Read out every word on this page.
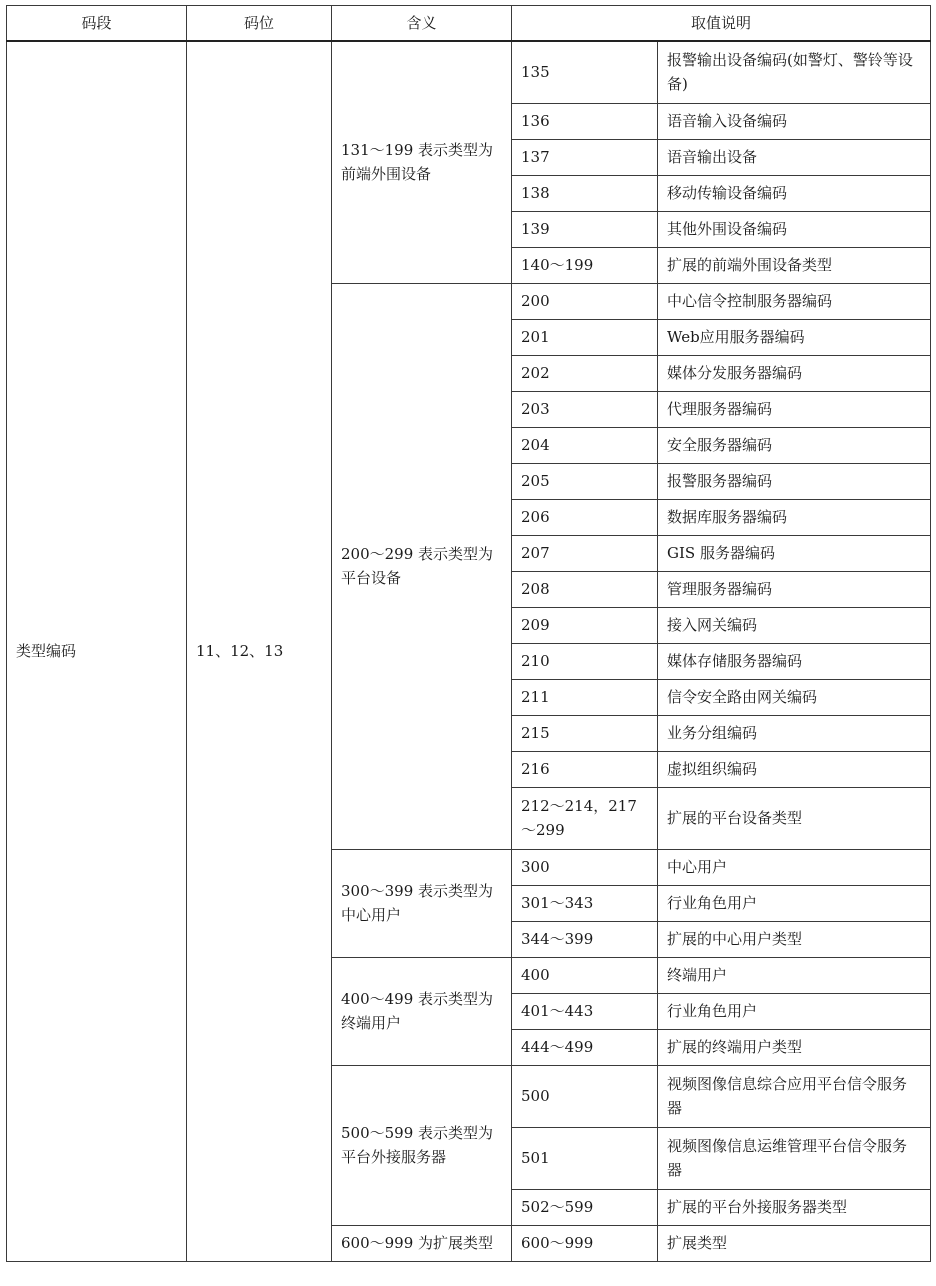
码段	码位	含义	取值说明	
类型编码	11、12、13	131～199 表示类型为前端外围设备	135	报警输出设备编码(如警灯、警铃等设备)
			136	语音输入设备编码
			137	语音输出设备
			138	移动传输设备编码
			139	其他外围设备编码
			140～199	扩展的前端外围设备类型
		200～299 表示类型为平台设备	200	中心信令控制服务器编码
			201	Web应用服务器编码
			202	媒体分发服务器编码
			203	代理服务器编码
			204	安全服务器编码
			205	报警服务器编码
			206	数据库服务器编码
			207	GIS 服务器编码
			208	管理服务器编码
			209	接入网关编码
			210	媒体存储服务器编码
			211	信令安全路由网关编码
			215	业务分组编码
			216	虚拟组织编码
			212～214，217～299	扩展的平台设备类型
		300～399 表示类型为中心用户	300	中心用户
			301～343	行业角色用户
			344～399	扩展的中心用户类型
		400～499 表示类型为终端用户	400	终端用户
			401～443	行业角色用户
			444～499	扩展的终端用户类型
		500～599 表示类型为平台外接服务器	500	视频图像信息综合应用平台信令服务器
			501	视频图像信息运维管理平台信令服务器
			502～599	扩展的平台外接服务器类型
		600～999 为扩展类型	600～999	扩展类型
